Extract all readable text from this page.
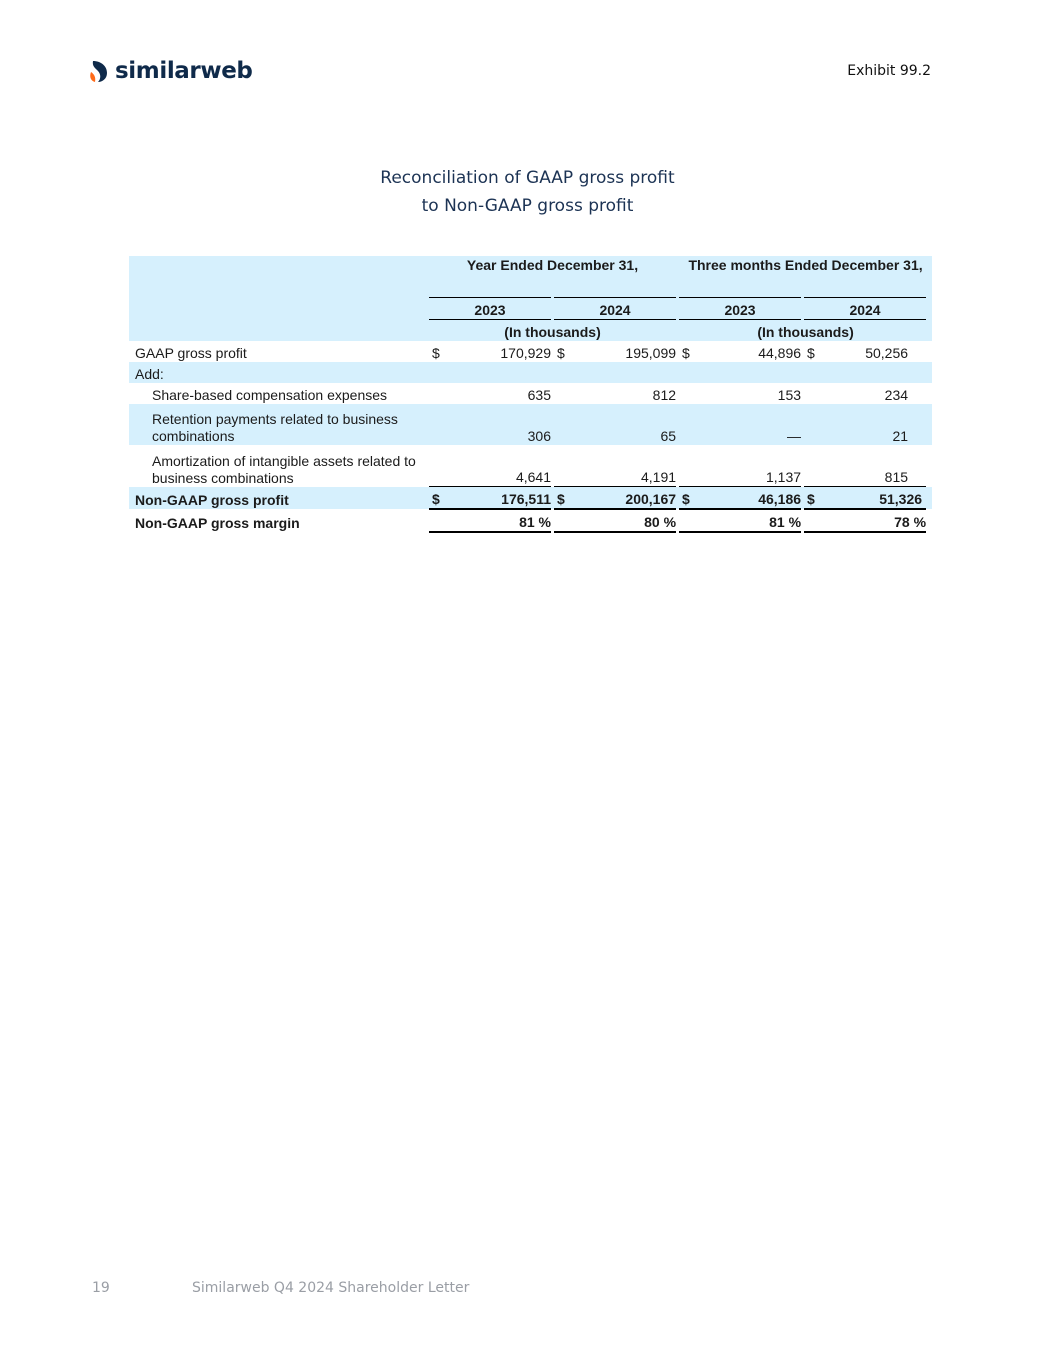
similarweb	Exhibit 99.2
Reconciliation of GAAP gross profit
to Non-GAAP gross profit
	Year Ended December 31,						Three months Ended December 31,					
	2023			2024			2023			2024		
	(In thousands)						(In thousands)					
GAAP gross profit	$	170,929		$	195,099		$	44,896		$	50,256	
Add:												
Share-based compensation expenses		635			812			153			234	
Retention payments related to business combinations		306			65			—			21	
Amortization of intangible assets related to business combinations		4,641			4,191			1,137			815	
Non-GAAP gross profit	$	176,511		$	200,167		$	46,186		$	51,326	
Non-GAAP gross margin		81 %			80 %			81 %			78 %	
19	Similarweb Q4 2024 Shareholder Letter
